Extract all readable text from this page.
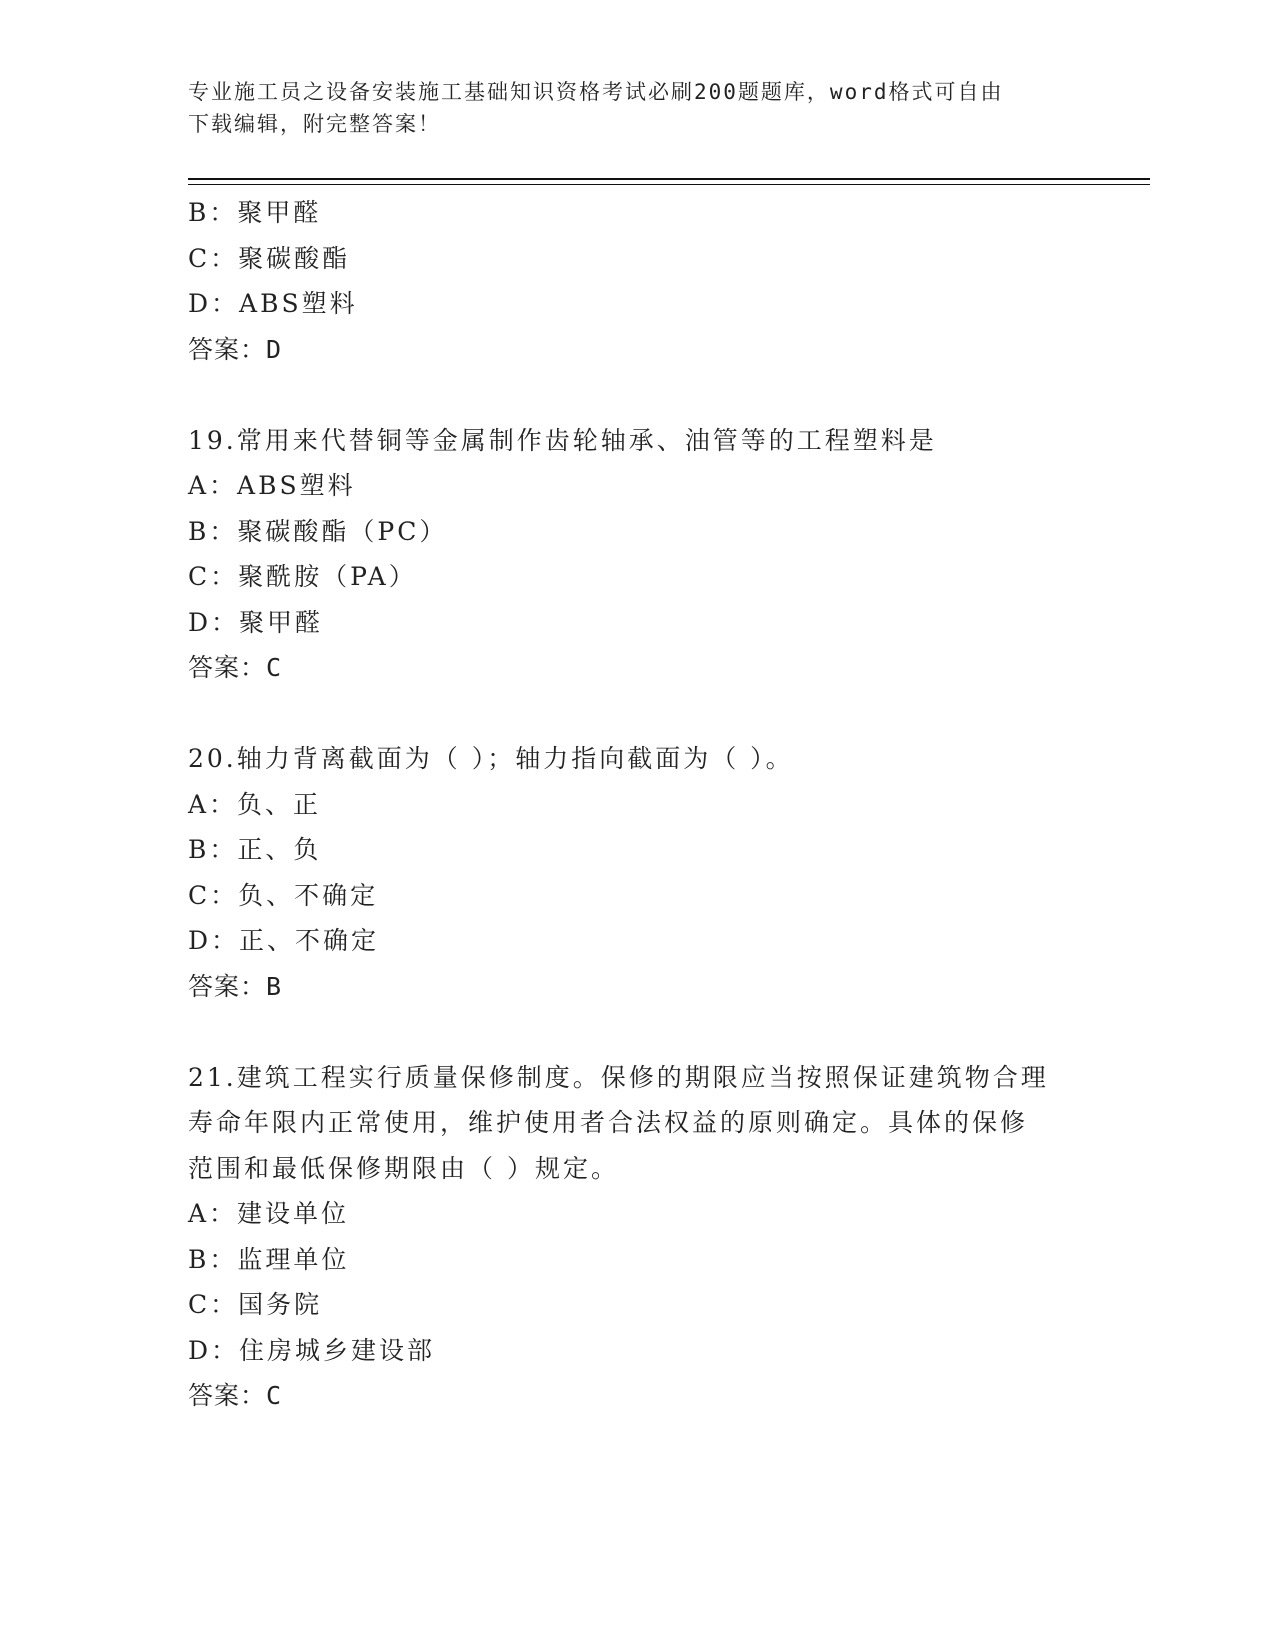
专业施工员之设备安装施工基础知识资格考试必刷200题题库，word格式可自由
下载编辑，附完整答案！
B：聚甲醛
C：聚碳酸酯
D：ABS塑料
答案：D
19.常用来代替铜等金属制作齿轮轴承、油管等的工程塑料是
A：ABS塑料
B：聚碳酸酯（PC）
C：聚酰胺（PA）
D：聚甲醛
答案：C
20.轴力背离截面为（ ）；轴力指向截面为（ ）。
A：负、正
B：正、负
C：负、不确定
D：正、不确定
答案：B
21.建筑工程实行质量保修制度。保修的期限应当按照保证建筑物合理
寿命年限内正常使用，维护使用者合法权益的原则确定。具体的保修
范围和最低保修期限由（ ）规定。
A：建设单位
B：监理单位
C：国务院
D：住房城乡建设部
答案：C
